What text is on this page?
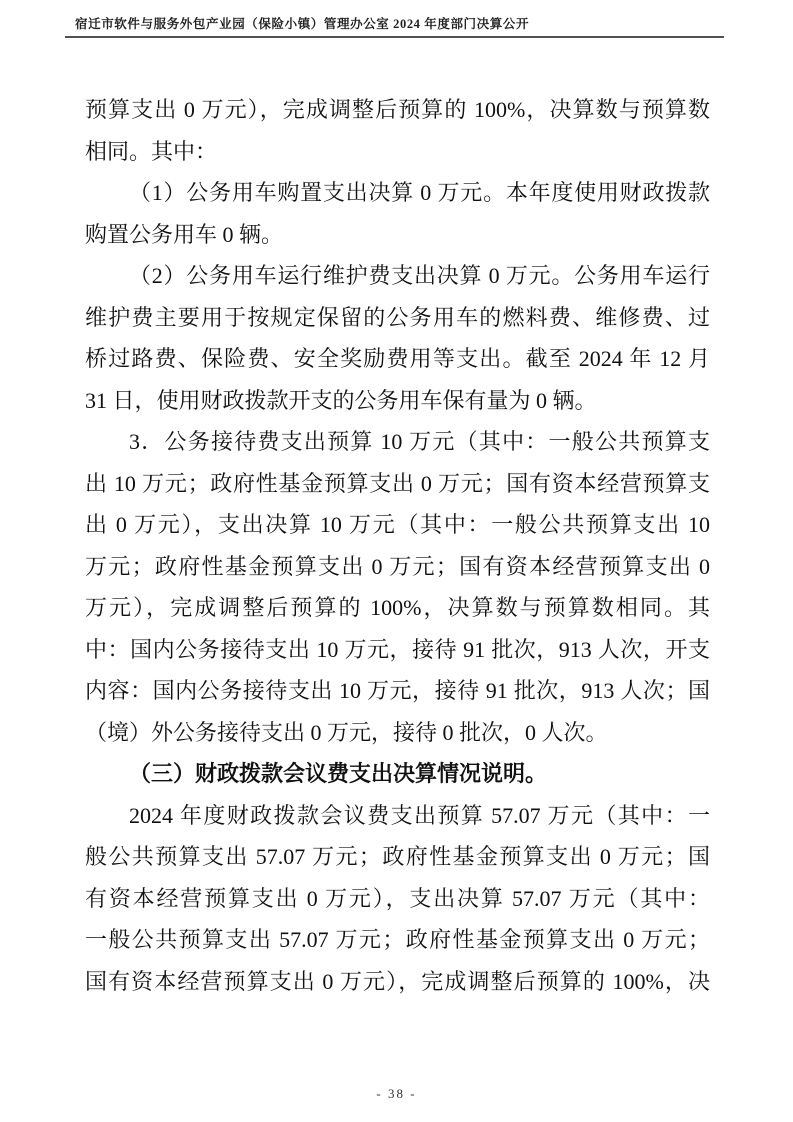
宿迁市软件与服务外包产业园（保险小镇）管理办公室 2024 年度部门决算公开
预算支出 0 万元），完成调整后预算的 100%，决算数与预算数
相同。其中：
（1）公务用车购置支出决算 0 万元。本年度使用财政拨款
购置公务用车 0 辆。
（2）公务用车运行维护费支出决算 0 万元。公务用车运行
维护费主要用于按规定保留的公务用车的燃料费、维修费、过
桥过路费、保险费、安全奖励费用等支出。截至 2024 年 12 月
31 日，使用财政拨款开支的公务用车保有量为 0 辆。
3．公务接待费支出预算 10 万元（其中：一般公共预算支
出 10 万元；政府性基金预算支出 0 万元；国有资本经营预算支
出 0 万元），支出决算 10 万元（其中：一般公共预算支出 10
万元；政府性基金预算支出 0 万元；国有资本经营预算支出 0
万元），完成调整后预算的 100%，决算数与预算数相同。其
中：国内公务接待支出 10 万元，接待 91 批次，913 人次，开支
内容：国内公务接待支出 10 万元，接待 91 批次，913 人次；国
（境）外公务接待支出 0 万元，接待 0 批次，0 人次。
（三）财政拨款会议费支出决算情况说明。
2024 年度财政拨款会议费支出预算 57.07 万元（其中：一
般公共预算支出 57.07 万元；政府性基金预算支出 0 万元；国
有资本经营预算支出 0 万元），支出决算 57.07 万元（其中：
一般公共预算支出 57.07 万元；政府性基金预算支出 0 万元；
国有资本经营预算支出 0 万元），完成调整后预算的 100%，决
- 38 -
